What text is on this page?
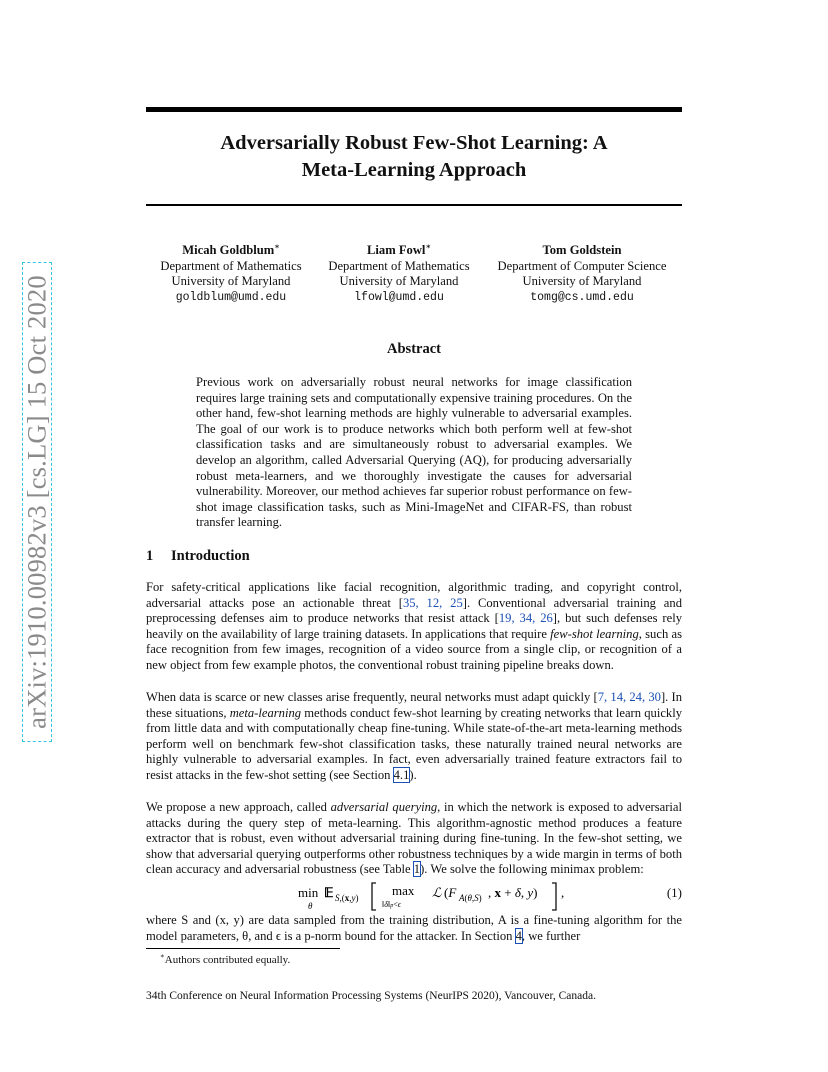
arXiv:1910.00982v3 [cs.LG] 15 Oct 2020
Adversarially Robust Few-Shot Learning: A
Meta-Learning Approach
Micah Goldblum∗
Department of Mathematics
University of Maryland
goldblum@umd.edu
Liam Fowl∗
Department of Mathematics
University of Maryland
lfowl@umd.edu
Tom Goldstein
Department of Computer Science
University of Maryland
tomg@cs.umd.edu
Abstract
Previous work on adversarially robust neural networks for image classification requires large training sets and computationally expensive training procedures. On the other hand, few-shot learning methods are highly vulnerable to adversarial examples. The goal of our work is to produce networks which both perform well at few-shot classification tasks and are simultaneously robust to adversarial examples. We develop an algorithm, called Adversarial Querying (AQ), for producing adversarially robust meta-learners, and we thoroughly investigate the causes for adversarial vulnerability. Moreover, our method achieves far superior robust performance on few-shot image classification tasks, such as Mini-ImageNet and CIFAR-FS, than robust transfer learning.
1 Introduction
For safety-critical applications like facial recognition, algorithmic trading, and copyright control, adversarial attacks pose an actionable threat [ 35, 12, 25 ] . Conventional adversarial training and preprocessing defenses aim to produce networks that resist attack [ 19, 34, 26 ] , but such defenses rely heavily on the availability of large training datasets. In applications that require few-shot learning, such as face recognition from few images, recognition of a video source from a single clip, or recognition of a new object from few example photos, the conventional robust training pipeline breaks down.
When data is scarce or new classes arise frequently, neural networks must adapt quickly [ 7, 14, 24, 30 ] . In these situations, meta-learning methods conduct few-shot learning by creating networks that learn quickly from little data and with computationally cheap fine-tuning. While state-of-the-art meta-learning methods perform well on benchmark few-shot classification tasks, these naturally trained neural networks are highly vulnerable to adversarial examples. In fact, even adversarially trained feature extractors fail to resist attacks in the few-shot setting (see Section 4.1).
We propose a new approach, called adversarial querying, in which the network is exposed to adversarial attacks during the query step of meta-learning. This algorithm-agnostic method produces a feature extractor that is robust, even without adversarial training during fine-tuning. In the few-shot setting, we show that adversarial querying outperforms other robustness techniques by a wide margin in terms of both clean accuracy and adversarial robustness (see Table 1). We solve the following minimax problem:
min
θ
𝔼 S,(x,y)	max
‖δ‖p<ϵ
ℒ (F A(θ,S) , x + δ, y) ,	(1)
where S and (x, y) are data sampled from the training distribution, A is a fine-tuning algorithm for the model parameters, θ, and ϵ is a p-norm bound for the attacker. In Section 4, we further
∗Authors contributed equally.
34th Conference on Neural Information Processing Systems (NeurIPS 2020), Vancouver, Canada.
